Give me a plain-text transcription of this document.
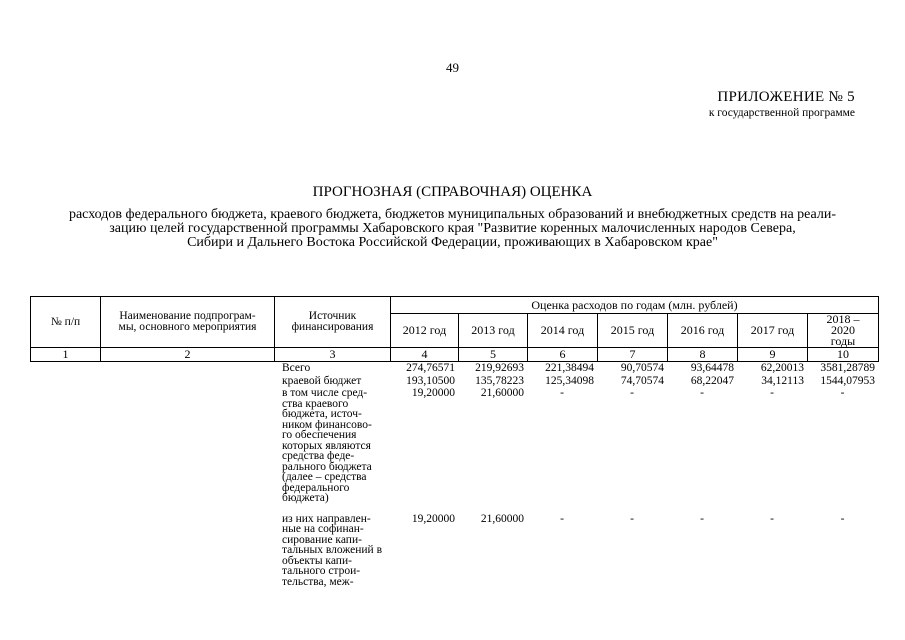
49
ПРИЛОЖЕНИЕ № 5
к государственной программе
ПРОГНОЗНАЯ (СПРАВОЧНАЯ) ОЦЕНКА
расходов федерального бюджета, краевого бюджета, бюджетов муниципальных образований и внебюджетных средств на реали-
зацию целей государственной программы Хабаровского края "Развитие коренных малочисленных народов Севера,
Сибири и Дальнего Востока Российской Федерации, проживающих в Хабаровском крае"
№ п/п	Наименование подпрограм- мы, основного мероприятия	Источник финансирования	Оценка расходов по годам (млн. рублей)						
			2012 год	2013 год	2014 год	2015 год	2016 год	2017 год	2018 – 2020 годы
1	2	3	4	5	6	7	8	9	10
		Всего	274,76571	219,92693	221,38494	90,70574	93,64478	62,20013	3581,28789
		краевой бюджет	193,10500	135,78223	125,34098	74,70574	68,22047	34,12113	1544,07953
		в том числе сред- ства краевого бюджета, источ- ником финансово- го обеспечения которых являются средства феде- рального бюджета (далее – средства федерального бюджета)	19,20000	21,60000	-	-	-	-	-
		из них направлен- ные на софинан- сирование капи- тальных вложений в объекты капи- тального строи- тельства, меж-	19,20000	21,60000	-	-	-	-	-
